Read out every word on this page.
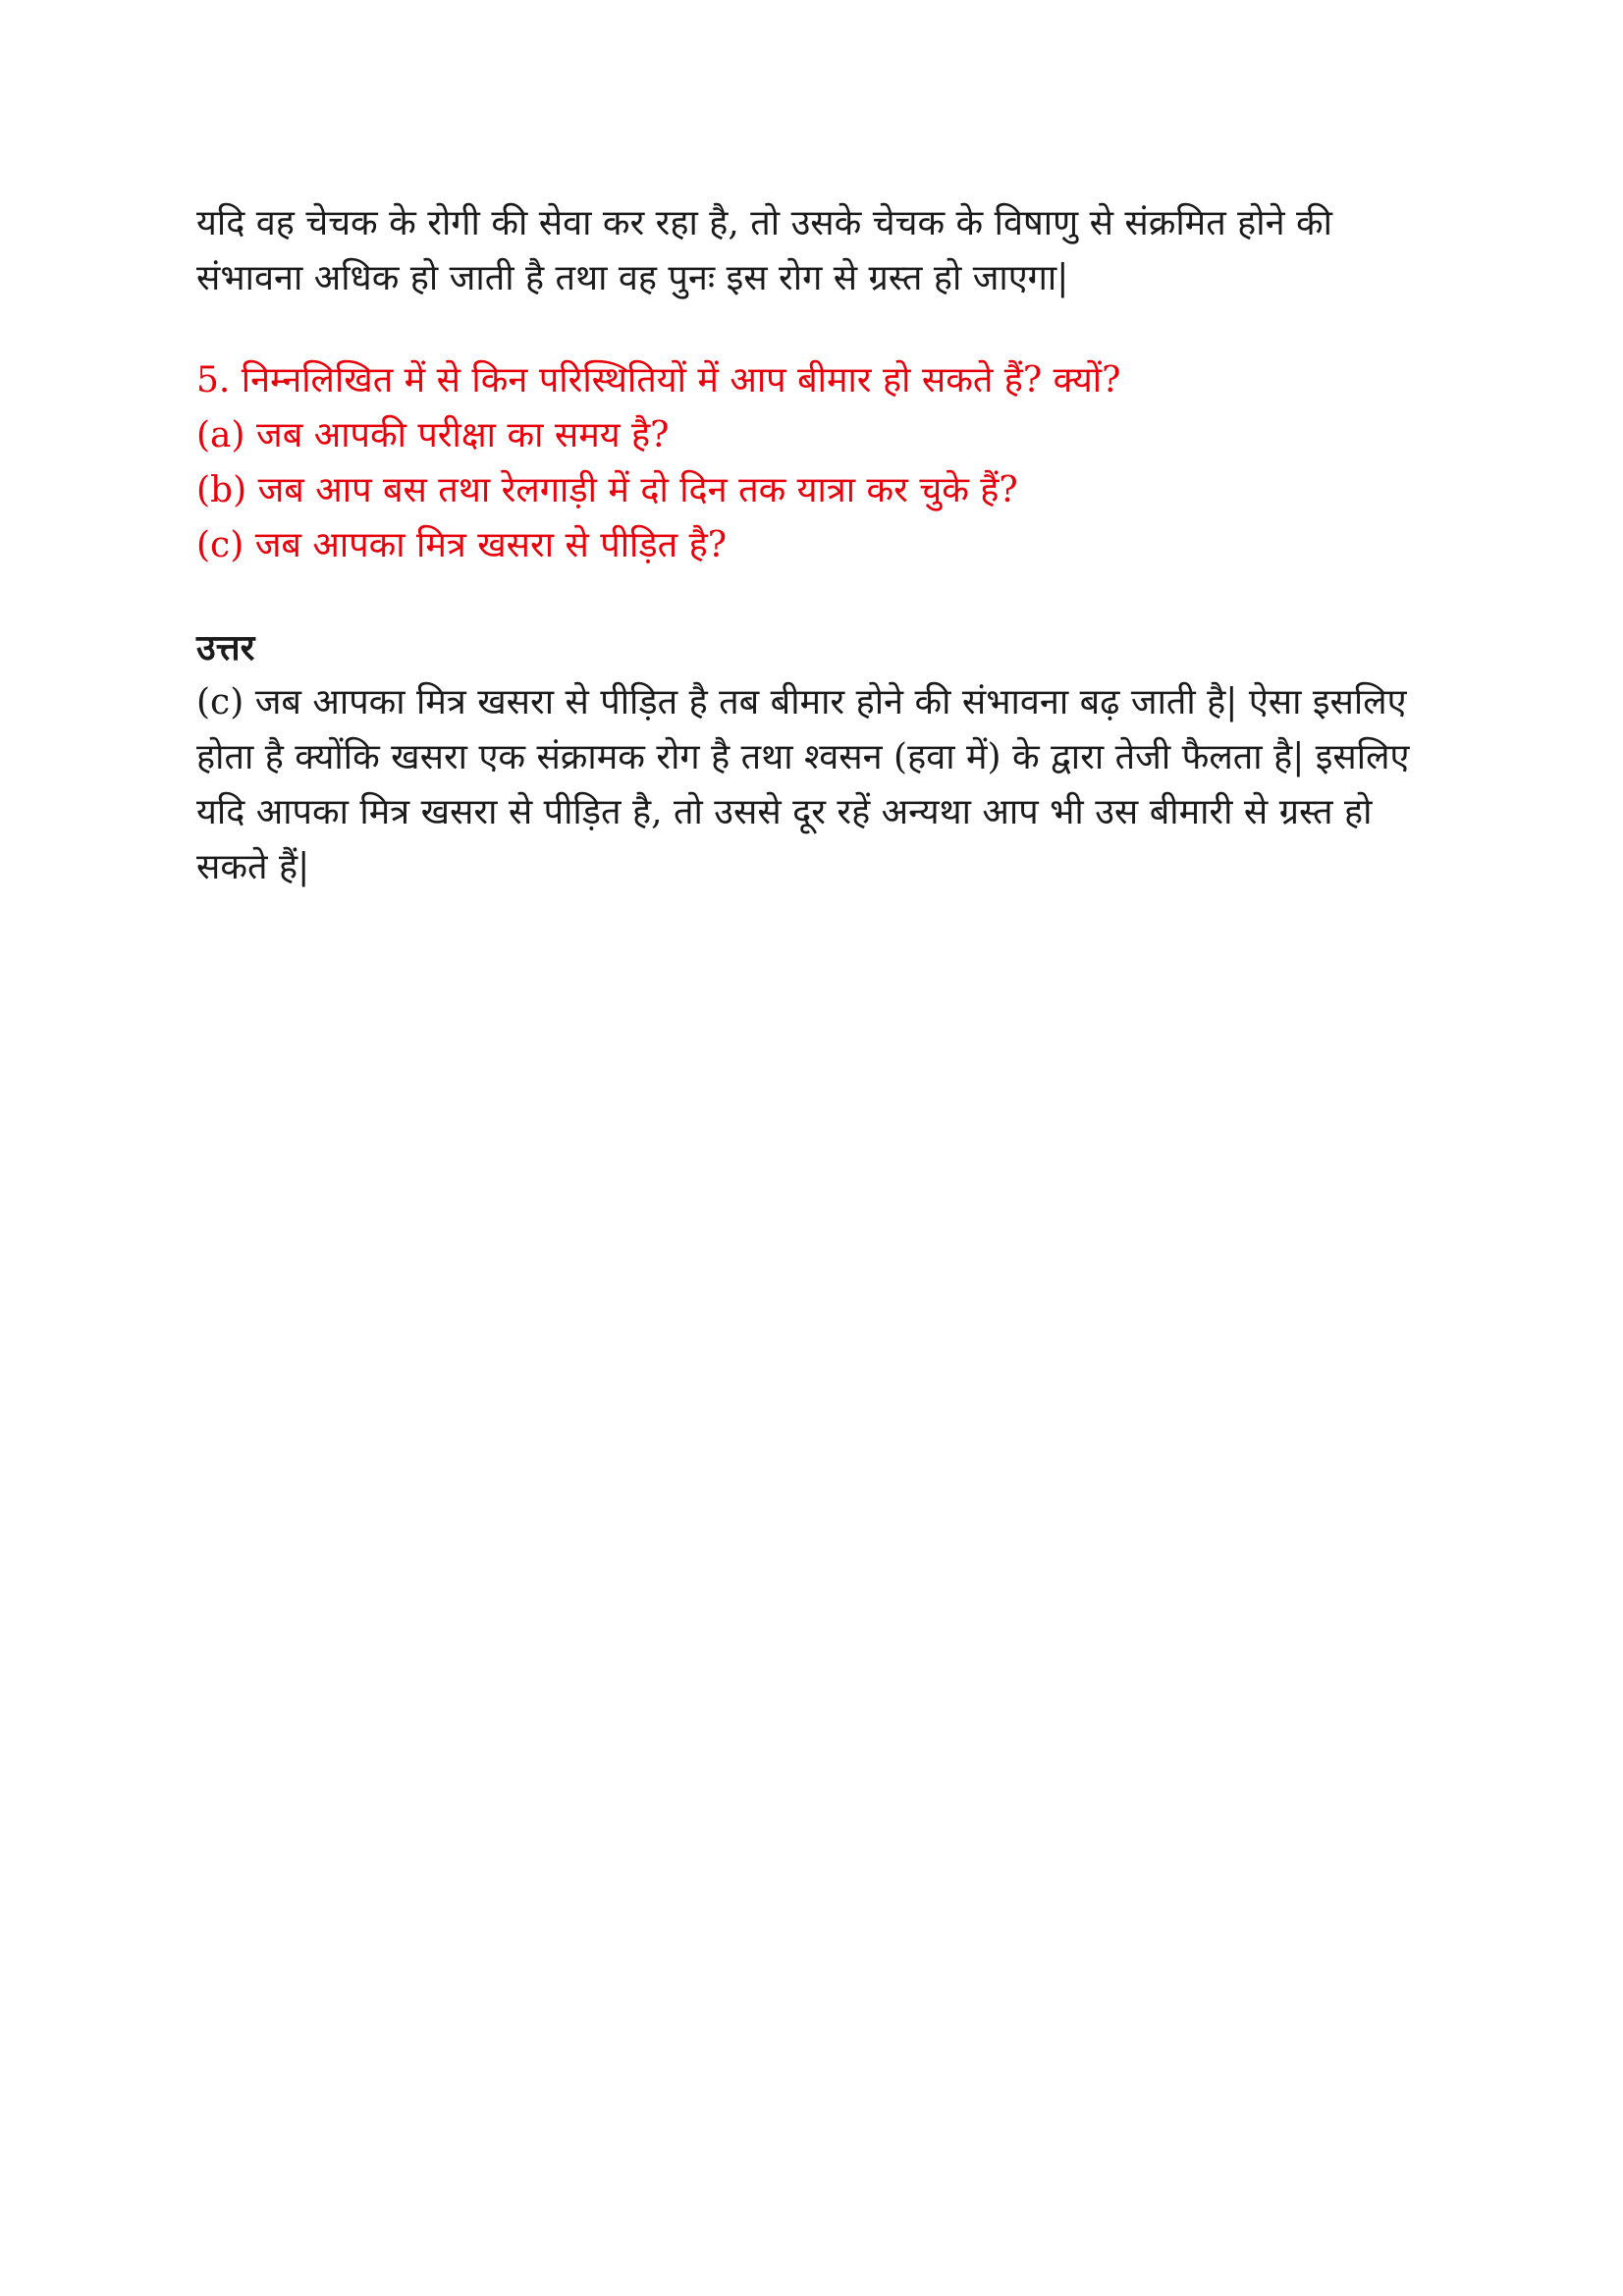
यदि वह चेचक के रोगी की सेवा कर रहा है, तो उसके चेचक के विषाणु से संक्रमित होने की संभावना अधिक हो जाती है तथा वह पुनः इस रोग से ग्रस्त हो जाएगा|

5. निम्नलिखित में से किन परिस्थितियों में आप बीमार हो सकते हैं? क्यों?
(a) जब आपकी परीक्षा का समय है?
(b) जब आप बस तथा रेलगाड़ी में दो दिन तक यात्रा कर चुके हैं?
(c) जब आपका मित्र खसरा से पीड़ित है?
उत्तर

(c) जब आपका मित्र खसरा से पीड़ित है तब बीमार होने की संभावना बढ़ जाती है| ऐसा इसलिए होता है क्योंकि खसरा एक संक्रामक रोग है तथा श्वसन (हवा में) के द्वारा तेजी फैलता है| इसलिए यदि आपका मित्र खसरा से पीड़ित है, तो उससे दूर रहें अन्यथा आप भी उस बीमारी से ग्रस्त हो सकते हैं|
